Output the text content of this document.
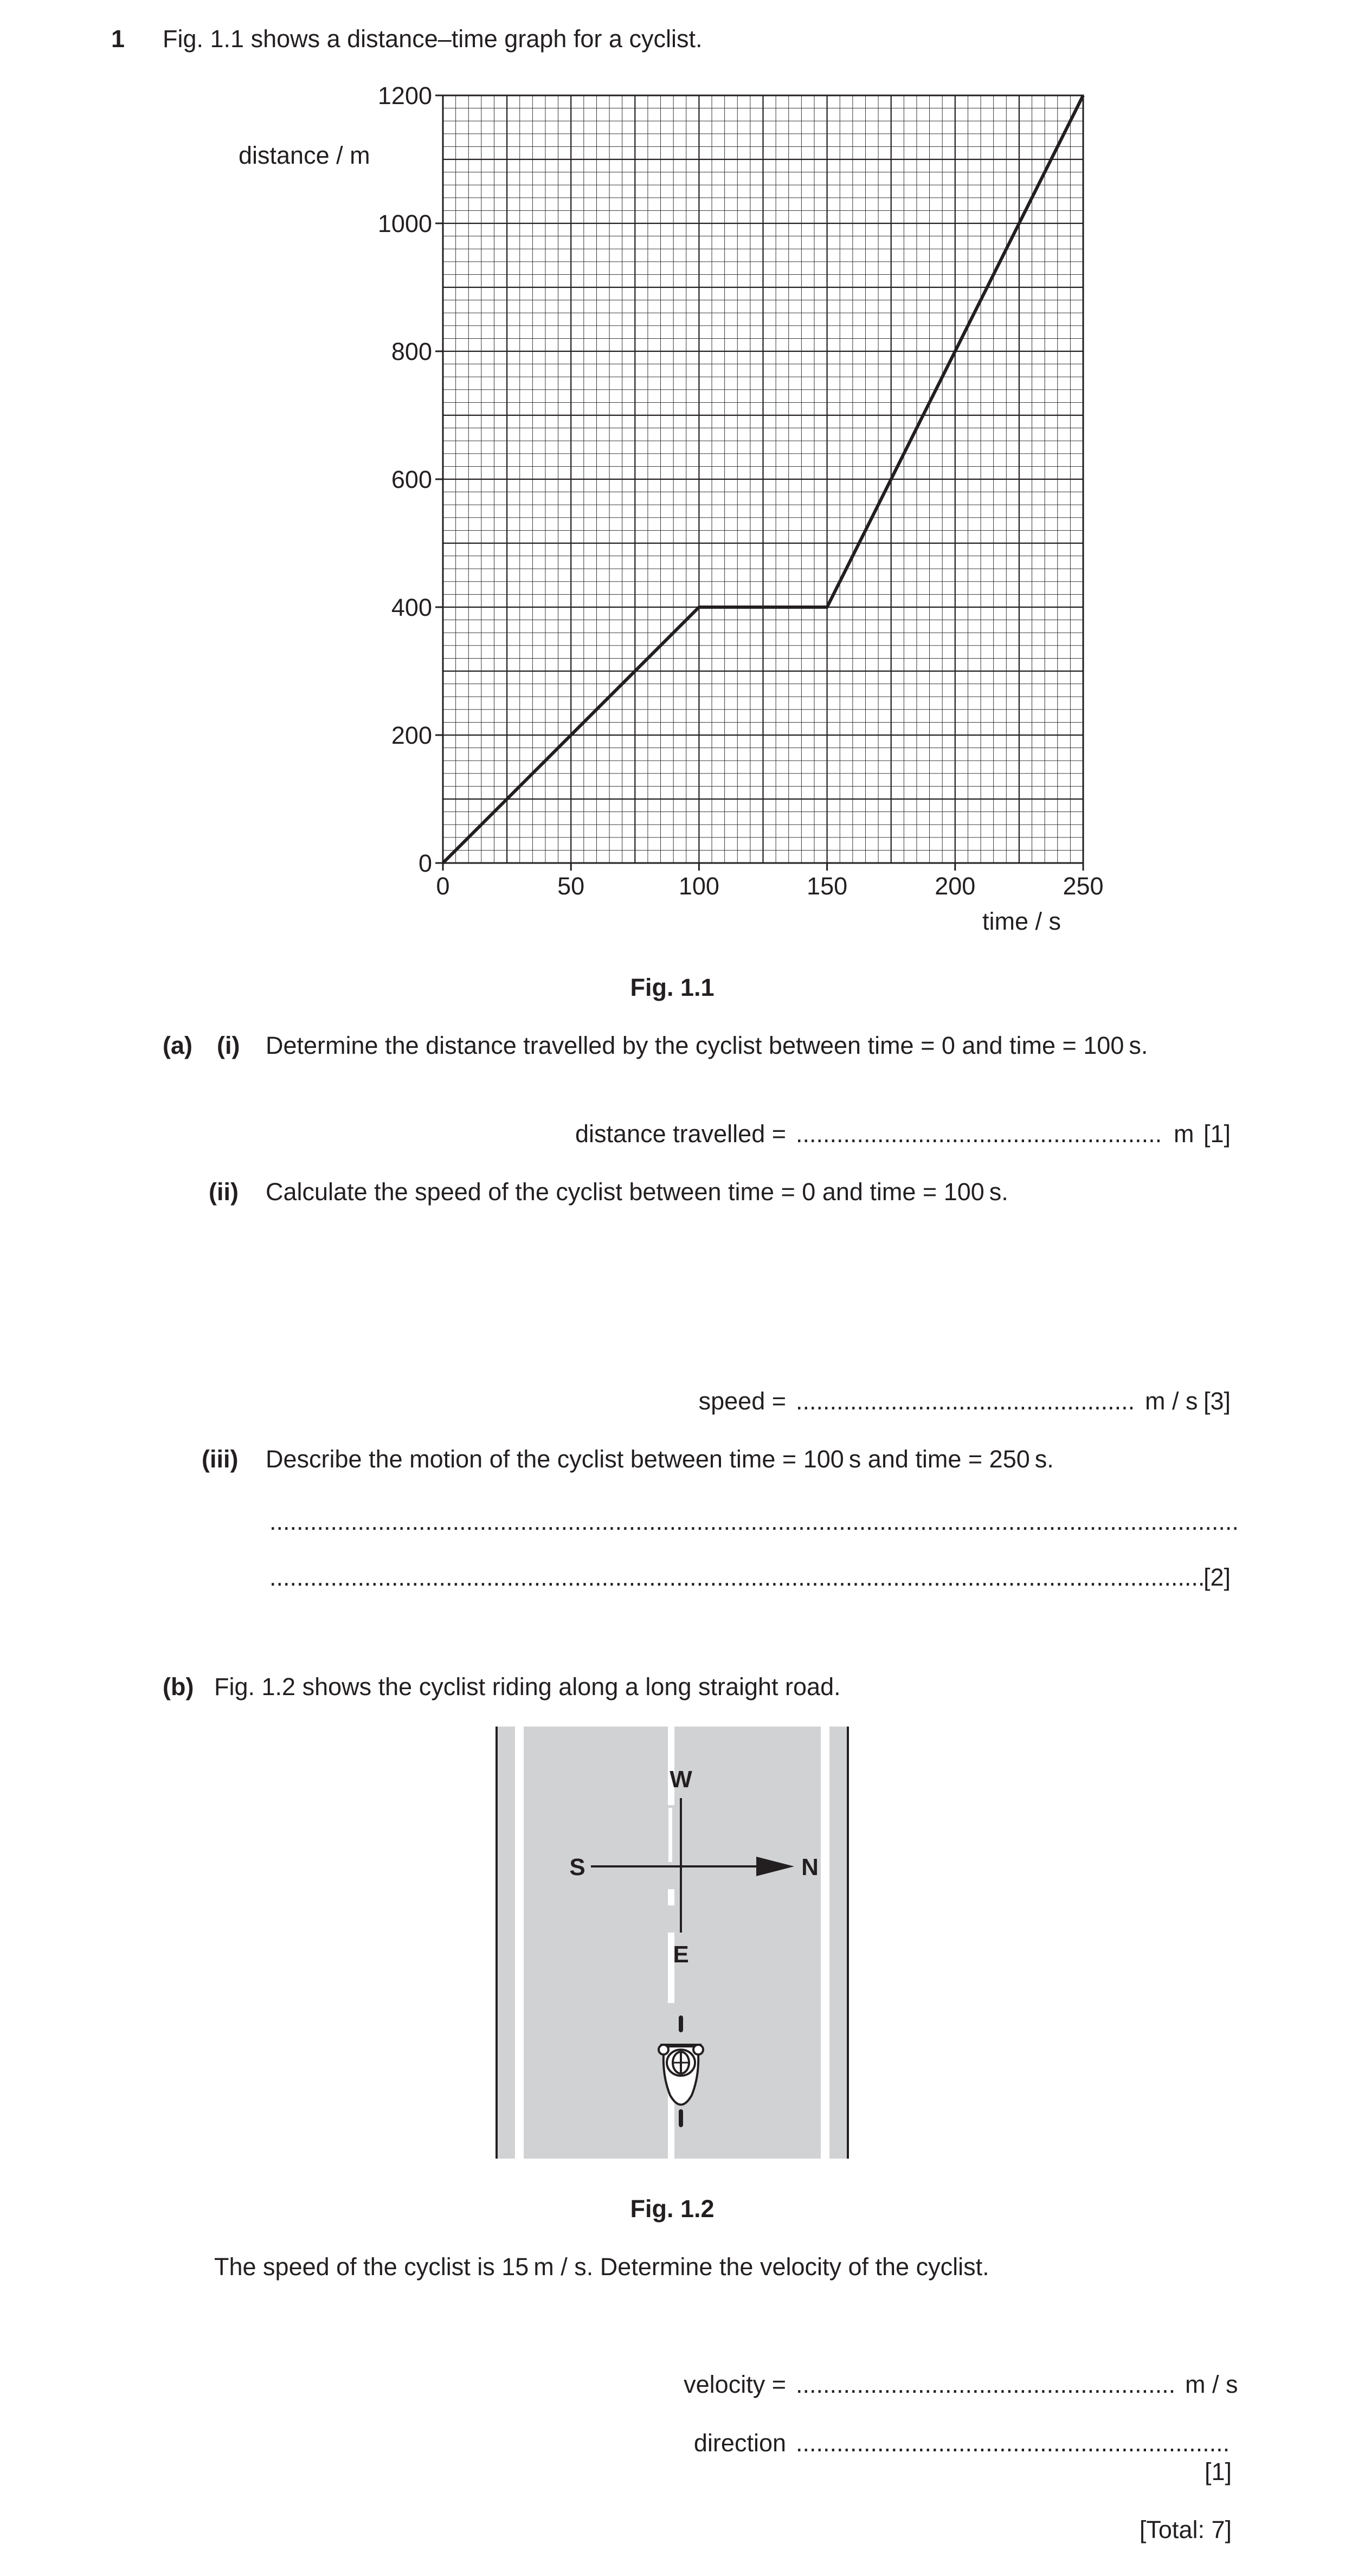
1 Fig. 1.1 shows a distance–time graph for a cyclist.
0	50	100	150	200	250
0
200
400
600
800
1000
1200
distance / m
time / s
Fig. 1.1
(a) (i) Determine the distance travelled by the cyclist between time = 0 and time = 100 s.
distance travelled = ...................................................... m [1]
(ii) Calculate the speed of the cyclist between time = 0 and time = 100 s.
speed = .................................................. m / s [3]
(iii) Describe the motion of the cyclist between time = 100 s and time = 250 s.
...............................................................................................................................................
..........................................................................................................................................
[2]
(b) Fig. 1.2 shows the cyclist riding along a long straight road.
W
E
S	N
Fig. 1.2
The speed of the cyclist is 15 m / s. Determine the velocity of the cyclist.
velocity = ........................................................ m / s
direction ................................................................
[1]
[Total: 7]
